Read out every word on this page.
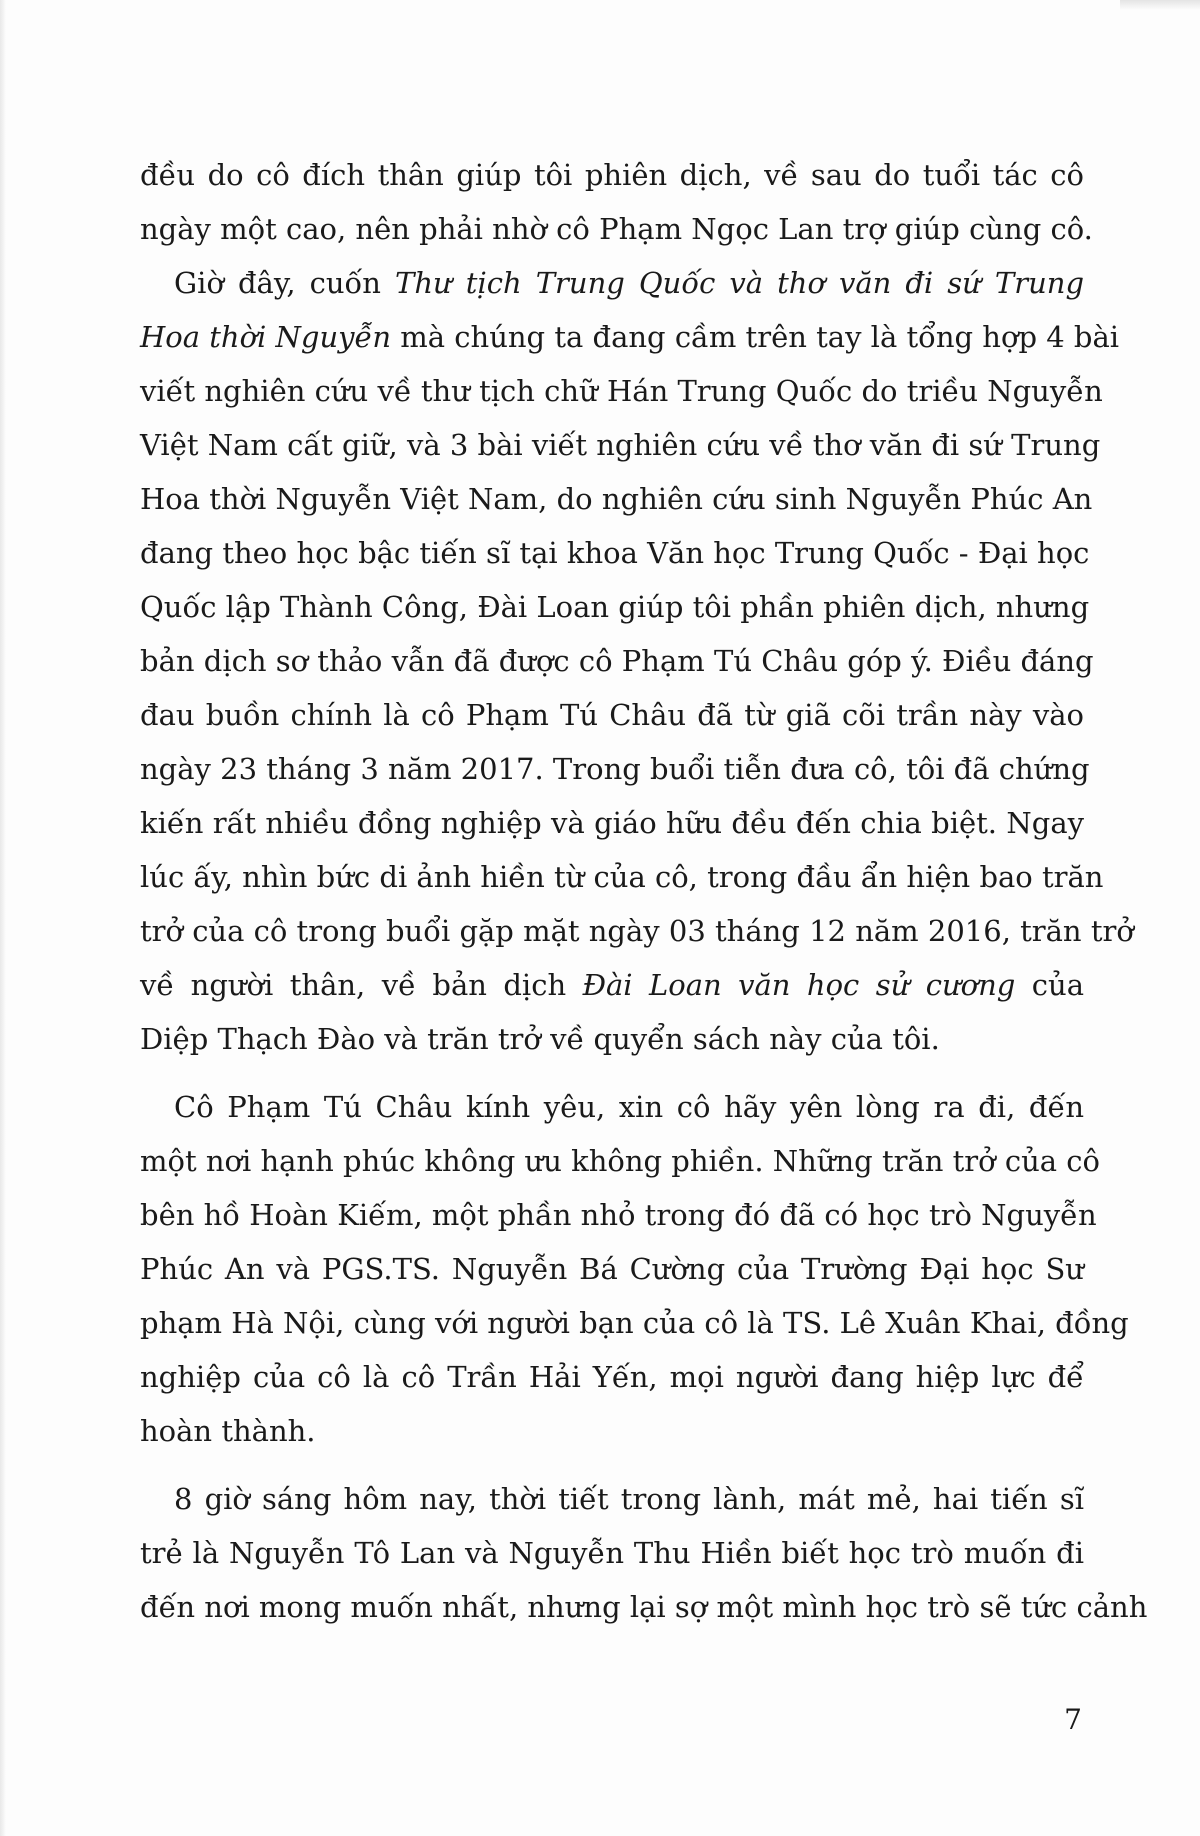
đều do cô đích thân giúp tôi phiên dịch, về sau do tuổi tác cô
ngày một cao, nên phải nhờ cô Phạm Ngọc Lan trợ giúp cùng cô.
Giờ đây, cuốn Thư tịch Trung Quốc và thơ văn đi sứ Trung
Hoa thời Nguyễn mà chúng ta đang cầm trên tay là tổng hợp 4 bài
viết nghiên cứu về thư tịch chữ Hán Trung Quốc do triều Nguyễn
Việt Nam cất giữ, và 3 bài viết nghiên cứu về thơ văn đi sứ Trung
Hoa thời Nguyễn Việt Nam, do nghiên cứu sinh Nguyễn Phúc An
đang theo học bậc tiến sĩ tại khoa Văn học Trung Quốc - Đại học
Quốc lập Thành Công, Đài Loan giúp tôi phần phiên dịch, nhưng
bản dịch sơ thảo vẫn đã được cô Phạm Tú Châu góp ý. Điều đáng
đau buồn chính là cô Phạm Tú Châu đã từ giã cõi trần này vào
ngày 23 tháng 3 năm 2017. Trong buổi tiễn đưa cô, tôi đã chứng
kiến rất nhiều đồng nghiệp và giáo hữu đều đến chia biệt. Ngay
lúc ấy, nhìn bức di ảnh hiền từ của cô, trong đầu ẩn hiện bao trăn
trở của cô trong buổi gặp mặt ngày 03 tháng 12 năm 2016, trăn trở
về người thân, về bản dịch Đài Loan văn học sử cương của
Diệp Thạch Đào và trăn trở về quyển sách này của tôi.
Cô Phạm Tú Châu kính yêu, xin cô hãy yên lòng ra đi, đến
một nơi hạnh phúc không ưu không phiền. Những trăn trở của cô
bên hồ Hoàn Kiếm, một phần nhỏ trong đó đã có học trò Nguyễn
Phúc An và PGS.TS. Nguyễn Bá Cường của Trường Đại học Sư
phạm Hà Nội, cùng với người bạn của cô là TS. Lê Xuân Khai, đồng
nghiệp của cô là cô Trần Hải Yến, mọi người đang hiệp lực để
hoàn thành.
8 giờ sáng hôm nay, thời tiết trong lành, mát mẻ, hai tiến sĩ
trẻ là Nguyễn Tô Lan và Nguyễn Thu Hiền biết học trò muốn đi
đến nơi mong muốn nhất, nhưng lại sợ một mình học trò sẽ tức cảnh
7
